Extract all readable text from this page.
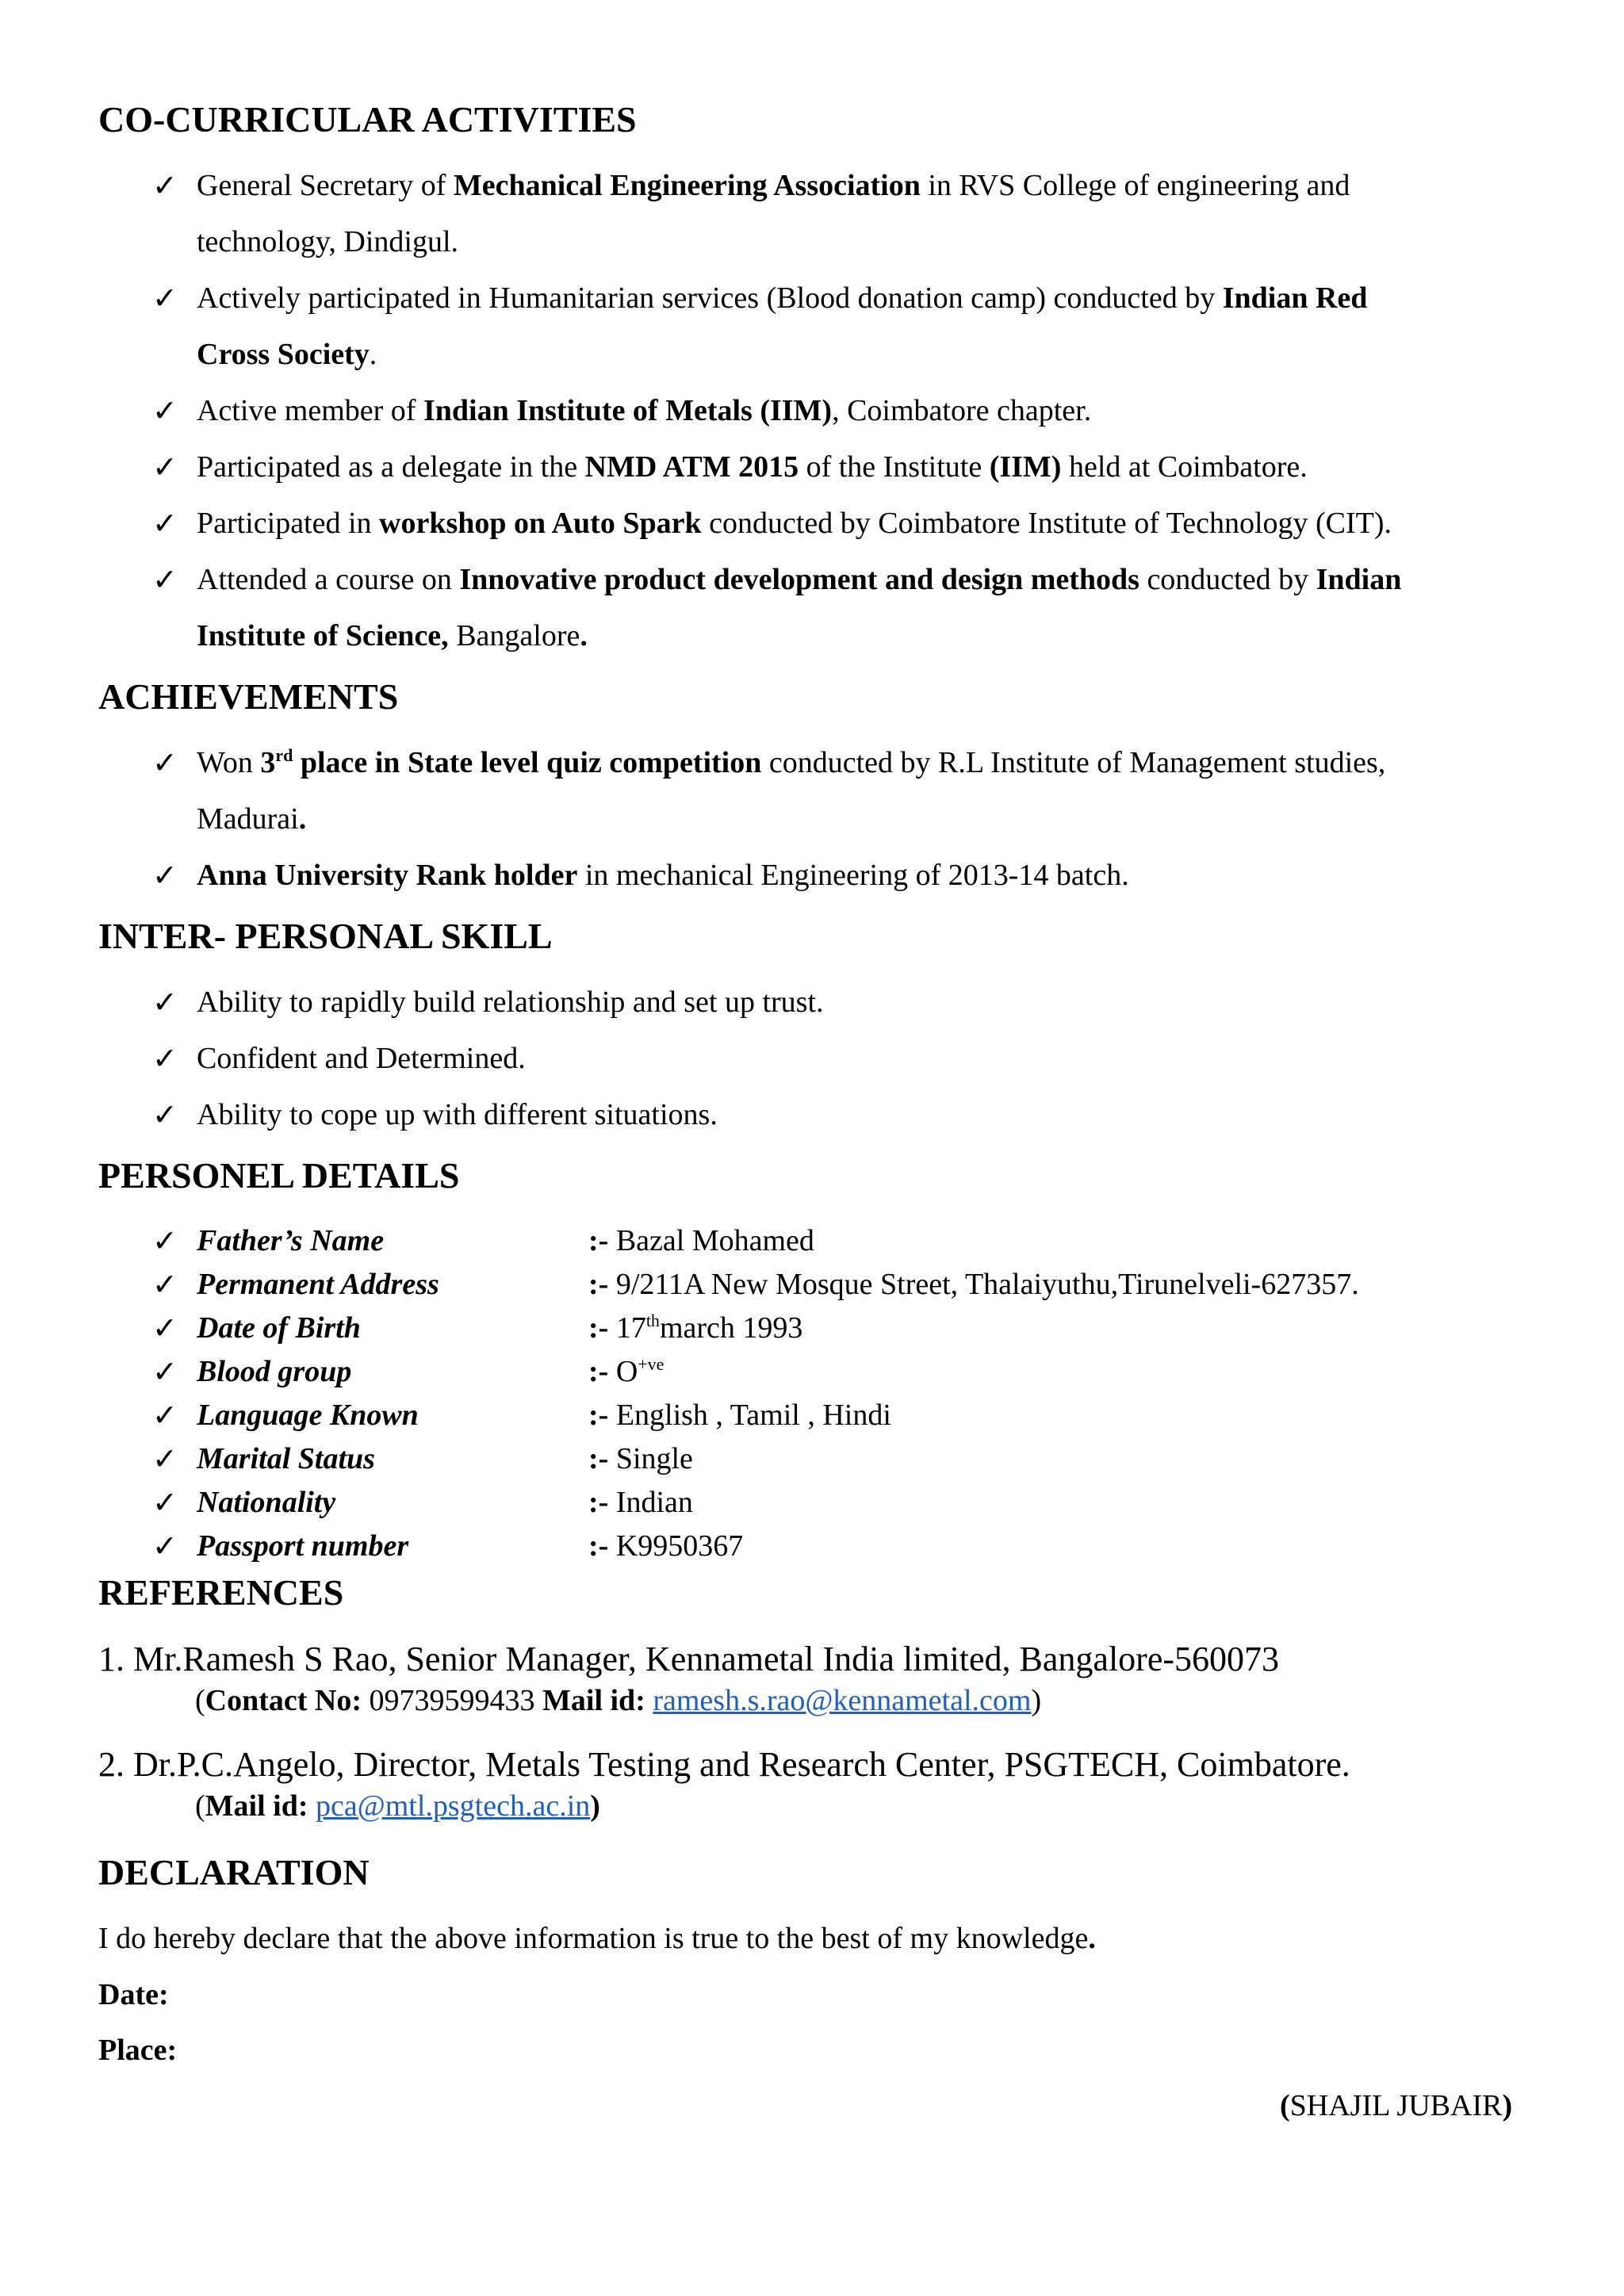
CO-CURRICULAR ACTIVITIES
✓ General Secretary of Mechanical Engineering Association in RVS College of engineering and
technology, Dindigul.
✓ Actively participated in Humanitarian services (Blood donation camp) conducted by Indian Red
Cross Society.
✓ Active member of Indian Institute of Metals (IIM), Coimbatore chapter.
✓ Participated as a delegate in the NMD ATM 2015 of the Institute (IIM) held at Coimbatore.
✓ Participated in workshop on Auto Spark conducted by Coimbatore Institute of Technology (CIT).
✓ Attended a course on Innovative product development and design methods conducted by Indian
Institute of Science, Bangalore.
ACHIEVEMENTS
✓ Won 3rd place in State level quiz competition conducted by R.L Institute of Management studies,
Madurai.
✓ Anna University Rank holder in mechanical Engineering of 2013-14 batch.
INTER- PERSONAL SKILL
✓ Ability to rapidly build relationship and set up trust.
✓ Confident and Determined.
✓ Ability to cope up with different situations.
PERSONEL DETAILS
✓ Father’s Name	:- Bazal Mohamed
✓ Permanent Address	:- 9/211A New Mosque Street, Thalaiyuthu,Tirunelveli-627357.
✓ Date of Birth	:- 17thmarch 1993
✓ Blood group	:- $O^{+ve}$
✓ Language Known	:- English , Tamil , Hindi
✓ Marital Status	:- Single
✓ Nationality	:- Indian
✓ Passport number	:- K9950367
REFERENCES
1. Mr.Ramesh S Rao, Senior Manager, Kennametal India limited, Bangalore-560073
(Contact No: 09739599433 Mail id: ramesh.s.rao@kennametal.com)
2. Dr.P.C.Angelo, Director, Metals Testing and Research Center, PSGTECH, Coimbatore.
(Mail id: pca@mtl.psgtech.ac.in)
DECLARATION
I do hereby declare that the above information is true to the best of my knowledge.
Date:
Place:
(SHAJIL JUBAIR)
